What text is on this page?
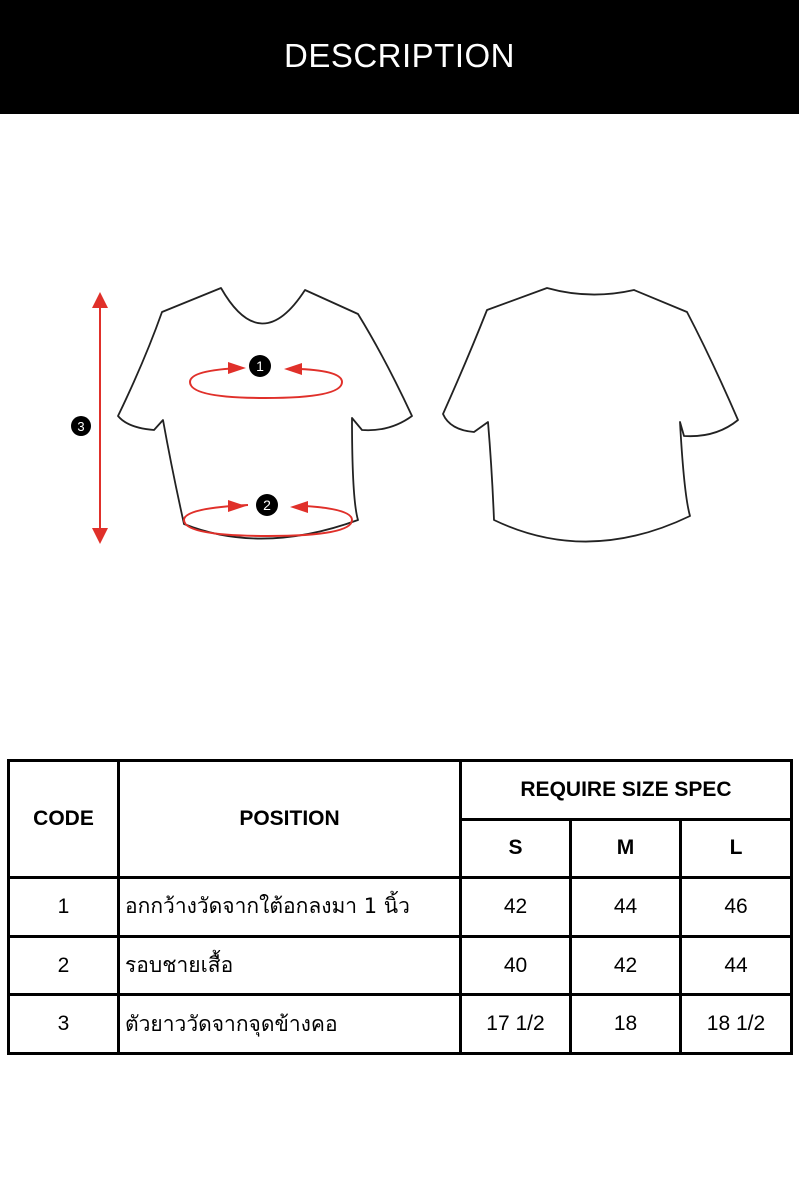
DESCRIPTION
1
2
3
CODE	POSITION	REQUIRE SIZE SPEC		
		S	M	L
1	อกกว้างวัดจากใต้อกลงมา 1 นิ้ว	42	44	46
2	รอบชายเสื้อ	40	42	44
3	ตัวยาววัดจากจุดข้างคอ	17 1/2	18	18 1/2
